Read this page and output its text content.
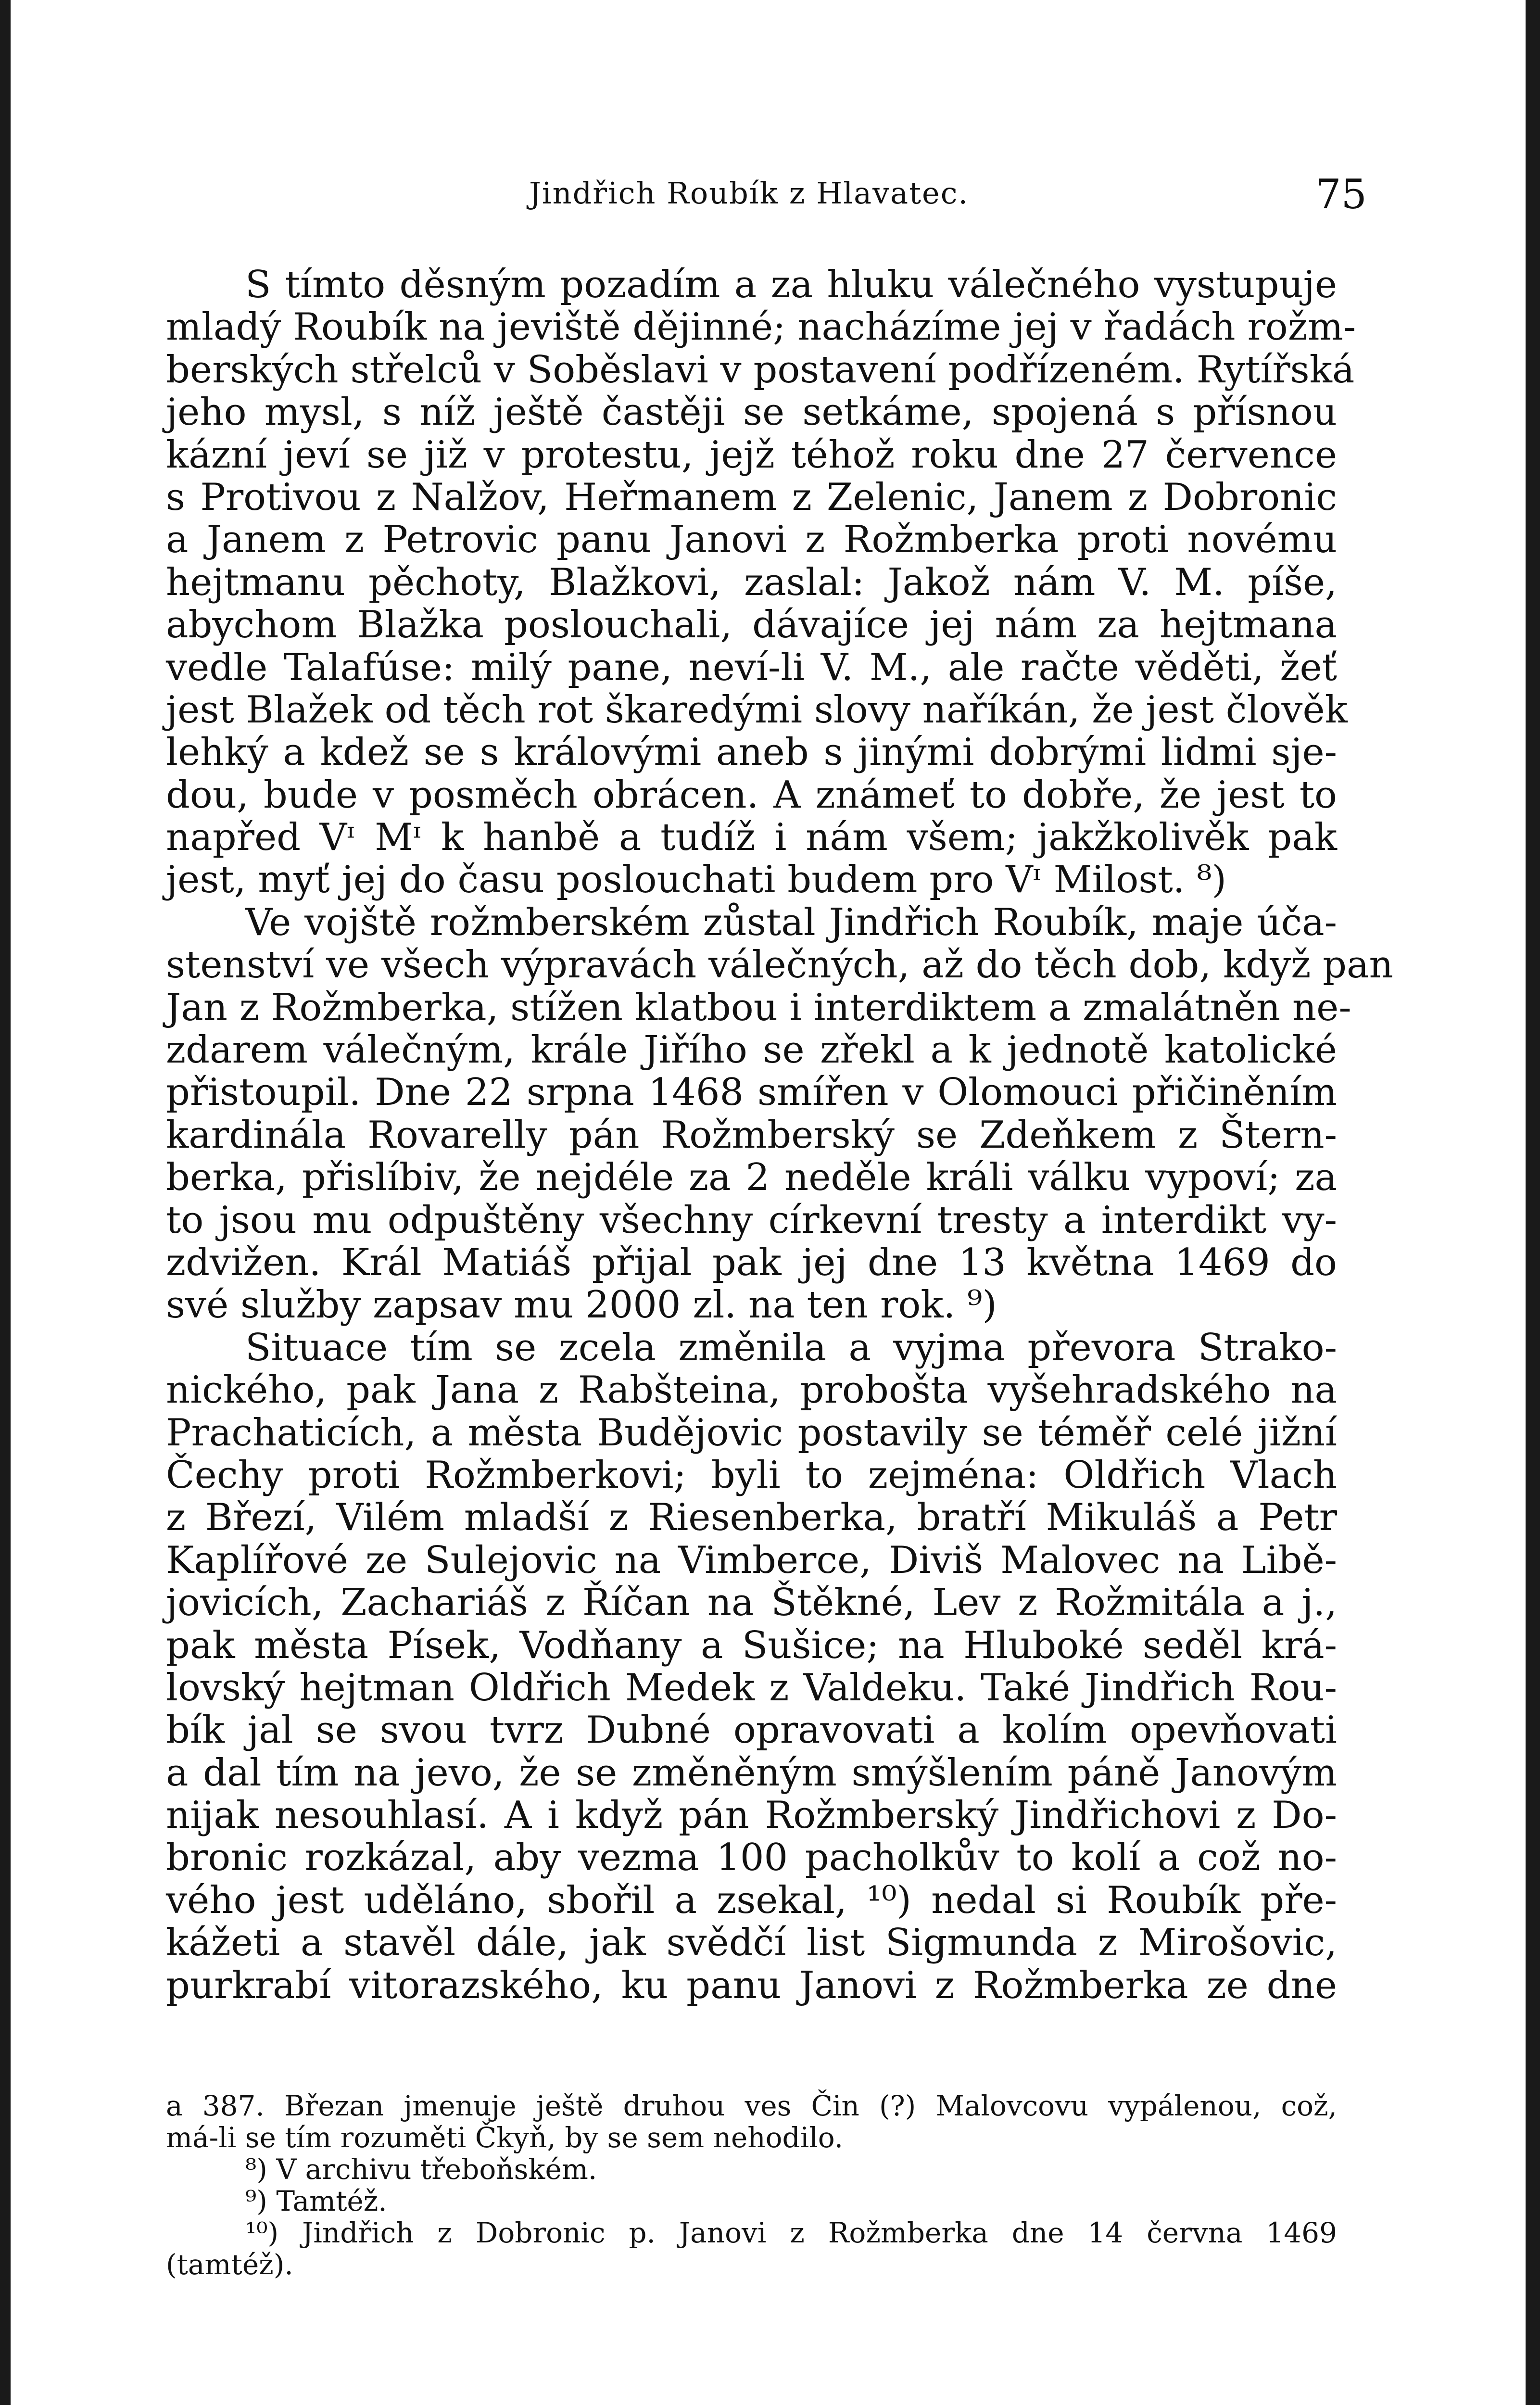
Jindřich Roubík z Hlavatec.	75
S tímto děsným pozadím a za hluku válečného vystupuje
mladý Roubík na jeviště dějinné; nacházíme jej v řadách rožm-
berských střelců v Soběslavi v postavení podřízeném. Rytířská
jeho mysl, s níž ještě častěji se setkáme, spojená s přísnou
kázní jeví se již v protestu, jejž téhož roku dne 27 července
s Protivou z Nalžov, Heřmanem z Zelenic, Janem z Dobronic
a Janem z Petrovic panu Janovi z Rožmberka proti novému
hejtmanu pěchoty, Blažkovi, zaslal: Jakož nám V. M. píše,
abychom Blažka poslouchali, dávajíce jej nám za hejtmana
vedle Talafúse: milý pane, neví-li V. M., ale račte věděti, žeť
jest Blažek od těch rot škaredými slovy naříkán, že jest člověk
lehký a kdež se s královými aneb s jinými dobrými lidmi sje-
dou, bude v posměch obrácen. A známeť to dobře, že jest to
napřed Vᶦ Mᶦ k hanbě a tudíž i nám všem; jakžkolivěk pak
jest, myť jej do času poslouchati budem pro Vᶦ Milost. ⁸)
Ve vojště rožmberském zůstal Jindřich Roubík, maje úča-
stenství ve všech výpravách válečných, až do těch dob, když pan
Jan z Rožmberka, stížen klatbou i interdiktem a zmalátněn ne-
zdarem válečným, krále Jiřího se zřekl a k jednotě katolické
přistoupil. Dne 22 srpna 1468 smířen v Olomouci přičiněním
kardinála Rovarelly pán Rožmberský se Zdeňkem z Štern-
berka, přislíbiv, že nejdéle za 2 neděle králi válku vypoví; za
to jsou mu odpuštěny všechny církevní tresty a interdikt vy-
zdvižen. Král Matiáš přijal pak jej dne 13 května 1469 do
své služby zapsav mu 2000 zl. na ten rok. ⁹)
Situace tím se zcela změnila a vyjma převora Strako-
nického, pak Jana z Rabšteina, probošta vyšehradského na
Prachaticích, a města Budějovic postavily se téměř celé jižní
Čechy proti Rožmberkovi; byli to zejména: Oldřich Vlach
z Březí, Vilém mladší z Riesenberka, bratří Mikuláš a Petr
Kaplířové ze Sulejovic na Vimberce, Diviš Malovec na Libě-
jovicích, Zachariáš z Říčan na Štěkné, Lev z Rožmitála a j.,
pak města Písek, Vodňany a Sušice; na Hluboké seděl krá-
lovský hejtman Oldřich Medek z Valdeku. Také Jindřich Rou-
bík jal se svou tvrz Dubné opravovati a kolím opevňovati
a dal tím na jevo, že se změněným smýšlením páně Janovým
nijak nesouhlasí. A i když pán Rožmberský Jindřichovi z Do-
bronic rozkázal, aby vezma 100 pacholkův to kolí a což no-
vého jest uděláno, sbořil a zsekal, ¹⁰) nedal si Roubík pře-
kážeti a stavěl dále, jak svědčí list Sigmunda z Mirošovic,
purkrabí vitorazského, ku panu Janovi z Rožmberka ze dne
a 387. Březan jmenuje ještě druhou ves Čin (?) Malovcovu vypálenou, což,
má-li se tím rozuměti Čkyň, by se sem nehodilo.
⁸) V archivu třeboňském.
⁹) Tamtéž.
¹⁰) Jindřich z Dobronic p. Janovi z Rožmberka dne 14 června 1469
(tamtéž).
